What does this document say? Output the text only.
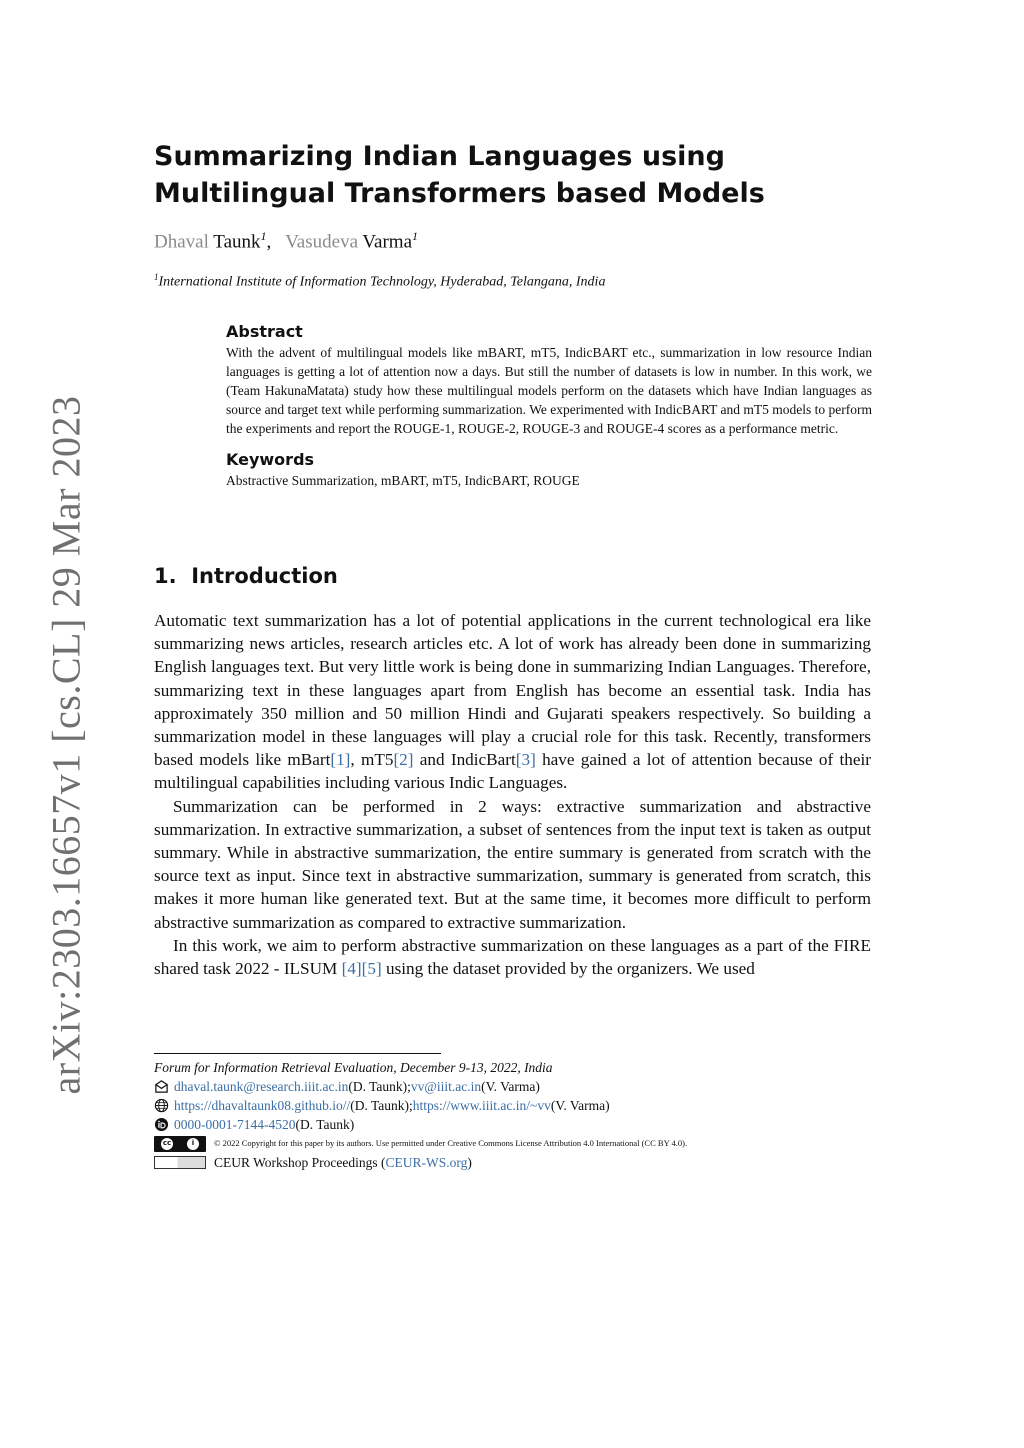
arXiv:2303.16657v1 [cs.CL] 29 Mar 2023
Summarizing Indian Languages using Multilingual Transformers based Models
Dhaval Taunk$^1$,   Vasudeva Varma$^1$
$^1$International Institute of Information Technology, Hyderabad, Telangana, India
Abstract

With the advent of multilingual models like mBART, mT5, IndicBART etc., summarization in low resource Indian languages is getting a lot of attention now a days. But still the number of datasets is low in number. In this work, we (Team HakunaMatata) study how these multilingual models perform on the datasets which have Indian languages as source and target text while performing summarization. We experimented with IndicBART and mT5 models to perform the experiments and report the ROUGE-1, ROUGE-2, ROUGE-3 and ROUGE-4 scores as a performance metric.

Keywords

Abstractive Summarization, mBART, mT5, IndicBART, ROUGE

1. Introduction

Automatic text summarization has a lot of potential applications in the current technological era like summarizing news articles, research articles etc. A lot of work has already been done in summarizing English languages text. But very little work is being done in summarizing Indian Languages. Therefore, summarizing text in these languages apart from English has become an essential task. India has approximately 350 million and 50 million Hindi and Gujarati speakers respectively. So building a summarization model in these languages will play a crucial role for this task. Recently, transformers based models like mBart[1], mT5[2] and IndicBart[3] have gained a lot of attention because of their multilingual capabilities including various Indic Languages.

Summarization can be performed in 2 ways: extractive summarization and abstractive summarization. In extractive summarization, a subset of sentences from the input text is taken as output summary. While in abstractive summarization, the entire summary is generated from scratch with the source text as input. Since text in abstractive summarization, summary is generated from scratch, this makes it more human like generated text. But at the same time, it becomes more difficult to perform abstractive summarization as compared to extractive summarization.

In this work, we aim to perform abstractive summarization on these languages as a part of the FIRE shared task 2022 - ILSUM [4][5] using the dataset provided by the organizers. We used

Forum for Information Retrieval Evaluation, December 9-13, 2022, India
dhaval.taunk@research.iiit.ac.in (D. Taunk); vv@iiit.ac.in (V. Varma)
https://dhavaltaunk08.github.io// (D. Taunk); https://www.iiit.ac.in/~vv (V. Varma)
0000-0001-7144-4520 (D. Taunk)
cc	i	© 2022 Copyright for this paper by its authors. Use permitted under Creative Commons License Attribution 4.0 International (CC BY 4.0).
CEUR Workshop Proceedings ( CEUR-WS.org )
